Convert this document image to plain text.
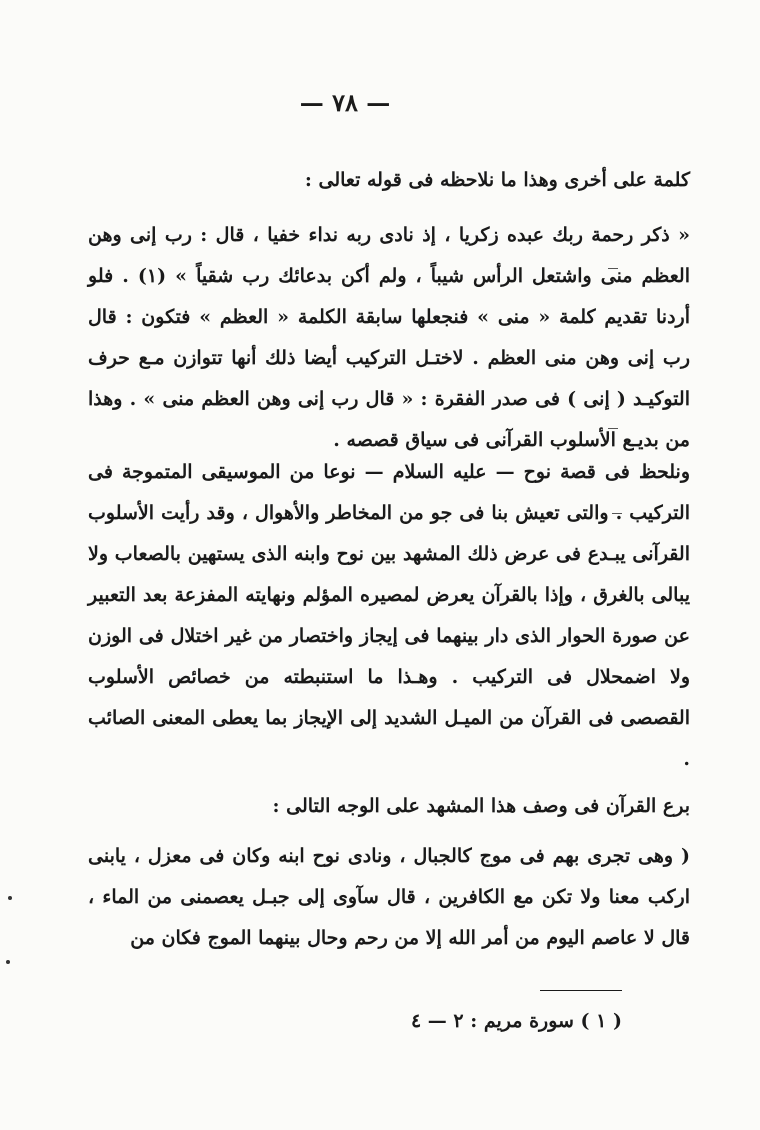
— ٧٨ —

كلمة على أخرى وهذا ما نلاحظه فى قوله تعالى :

« ذكر رحمة ربك عبده زكريا ، إذ نادى ربه نداء خفيا ، قال : رب إنى وهن العظم منى واشتعل الرأس شيباً ، ولم أكن بدعائك رب شقياً » (١) . فلو أردنا تقديم كلمة « منى » فنجعلها سابقة الكلمة « العظم » فتكون : قال رب إنى وهن منى العظم . لاختـل التركيب أيضا ذلك أنها تتوازن مـع حرف التوكيـد ( إنى ) فى صدر الفقرة : « قال رب إنى وهن العظم منى » . وهذا من بديـع الأسلوب القرآنى فى سياق قصصه .

ونلحظ فى قصة نوح — عليه السلام — نوعا من الموسيقى المتموجة فى التركيب . والتى تعيش بنا فى جو من المخاطر والأهوال ، وقد رأيت الأسلوب القرآنى يبـدع فى عرض ذلك المشهد بين نوح وابنه الذى يستهين بالصعاب ولا يبالى بالغرق ، وإذا بالقرآن يعرض لمصيره المؤلم ونهايته المفزعة بعد التعبير عن صورة الحوار الذى دار بينهما فى إيجاز واختصار من غير اختلال فى الوزن ولا اضمحلال فى التركيب . وهـذا ما استنبطته من خصائص الأسلوب القصصى فى القرآن من الميـل الشديد إلى الإيجاز بما يعطى المعنى الصائب .

برع القرآن فى وصف هذا المشهد على الوجه التالى :

( وهى تجرى بهم فى موج كالجبال ، ونادى نوح ابنه وكان فى معزل ، يابنى اركب معنا ولا تكن مع الكافرين ، قال سآوى إلى جبـل يعصمنى من الماء ، قال لا عاصم اليوم من أمر الله إلا من رحم وحال بينهما الموج فكان من

( ١ ) سورة مريم : ٢ — ٤
